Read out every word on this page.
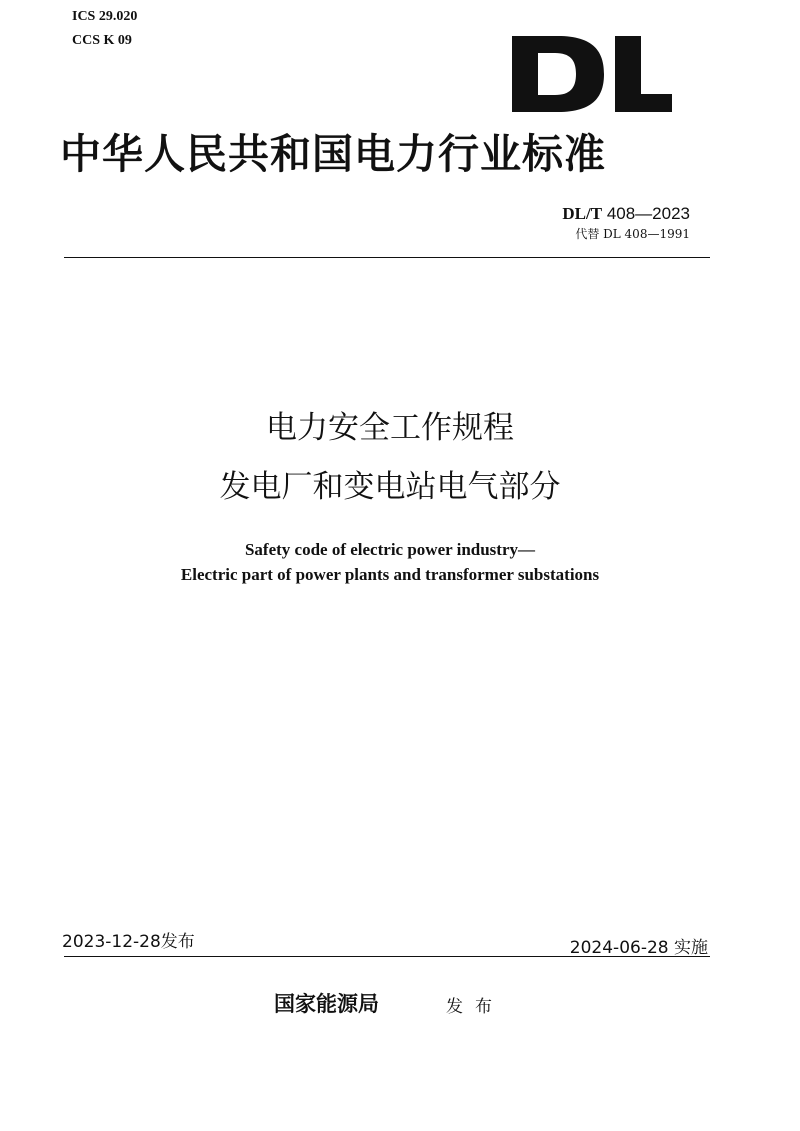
ICS 29.020
CCS K 09
中华人民共和国电力行业标准
DL/T 408—2023
代替 DL 408—1991
电力安全工作规程
发电厂和变电站电气部分
Safety code of electric power industry—
Electric part of power plants and transformer substations
2023-12-28发布	2024-06-28 实施
国家能源局	发布
